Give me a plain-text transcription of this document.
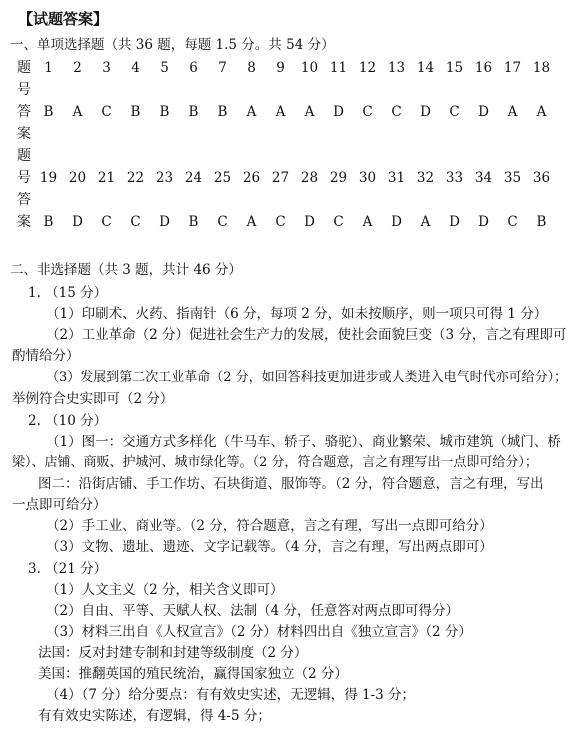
【试题答案】
一、单项选择题（共 36 题，每题 1.5 分。共 54 分）
题	1	2	3	4	5	6	7	8	9	10	11	12	13	14	15	16	17	18
号																		
答	B	A	C	B	B	B	B	A	A	A	D	C	C	D	C	D	A	A
案																		
题																		
号	19	20	21	22	23	24	25	26	27	28	29	30	31	32	33	34	35	36
答																		
案	B	D	C	C	D	B	C	A	C	D	C	A	D	A	D	D	C	B
二、非选择题（共 3 题，共计 46 分）
1. （15 分）
（1）印刷术、火药、指南针（6 分，每项 2 分，如未按顺序，则一项只可得 1 分）
（2）工业革命（2 分）促进社会生产力的发展，使社会面貌巨变（3 分，言之有理即可
酌情给分）
（3）发展到第二次工业革命（2 分，如回答科技更加进步或人类进入电气时代亦可给分）；
举例符合史实即可（2 分）
2. （10 分）
（1）图一：交通方式多样化（牛马车、轿子、骆驼）、商业繁荣、城市建筑（城门、桥
梁）、店铺、商贩、护城河、城市绿化等。（2 分，符合题意，言之有理写出一点即可给分）；
图二：沿街店铺、手工作坊、石块街道、服饰等。（2 分，符合题意，言之有理，写出
一点即可给分）
（2）手工业、商业等。（2 分，符合题意，言之有理，写出一点即可给分）
（3）文物、遗址、遗迹、文字记载等。（4 分，言之有理，写出两点即可）
3. （21 分）
（1）人文主义（2 分，相关含义即可）
（2）自由、平等、天赋人权、法制（4 分，任意答对两点即可得分）
（3）材料三出自《人权宣言》（2 分）材料四出自《独立宣言》（2 分）
法国：反对封建专制和封建等级制度（2 分）
美国：推翻英国的殖民统治，赢得国家独立（2 分）
（4）（7 分）给分要点：有有效史实述，无逻辑，得 1-3 分；
有有效史实陈述，有逻辑，得 4-5 分；
